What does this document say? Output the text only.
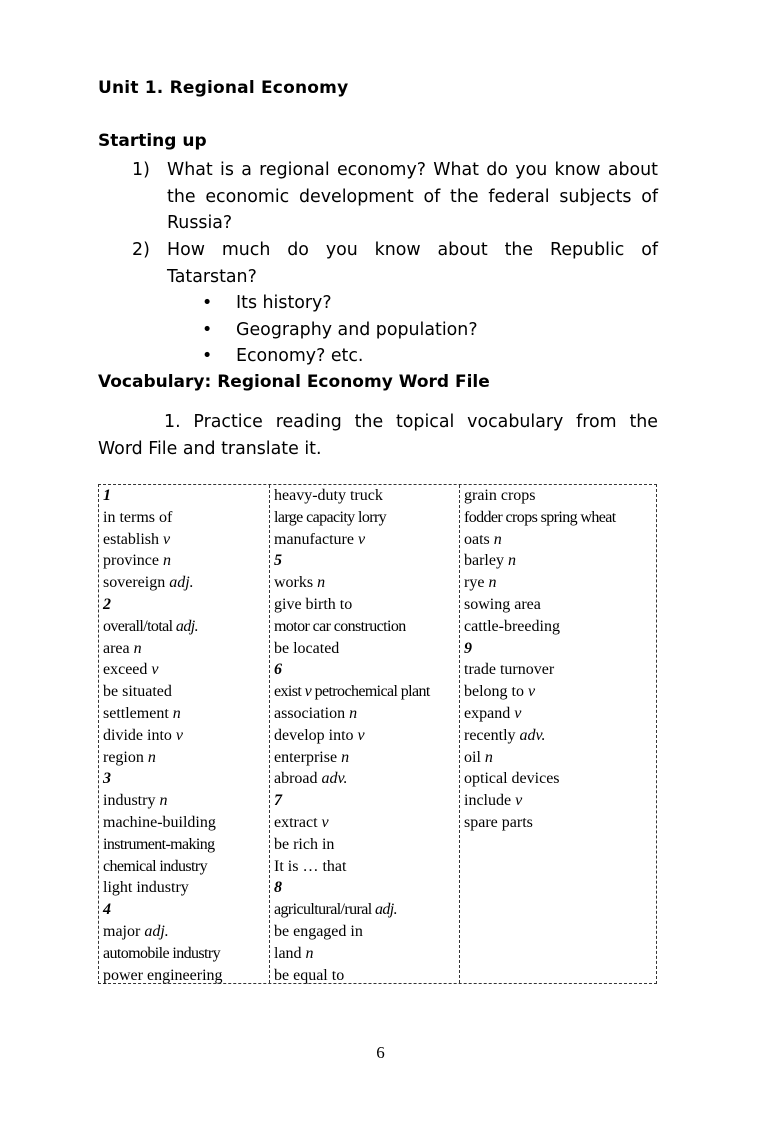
Unit 1. Regional Economy
Starting up
1) What is a regional economy? What do you know about the economic development of the federal subjects of Russia?
2) How much do you know about the Republic of
Tatarstan?
• Its history?
• Geography and population?
• Economy? etc.
Vocabulary: Regional Economy Word File
1. Practice reading the topical vocabulary from the
Word File and translate it.
1
in terms of
establish v
province n
sovereign adj.
2
overall/total adj.
area n
exceed v
be situated
settlement n
divide into v
region n
3
industry n
machine-building
instrument-making
chemical industry
light industry
4
major adj.
automobile industry
power engineering
heavy-duty truck
large capacity lorry
manufacture v
5
works n
give birth to
motor car construction
be located
6
exist v petrochemical plant
association n
develop into v
enterprise n
abroad adv.
7
extract v
be rich in
It is … that
8
agricultural/rural adj.
be engaged in
land n
be equal to
grain crops
fodder crops spring wheat
oats n
barley n
rye n
sowing area
cattle-breeding
9
trade turnover
belong to v
expand v
recently adv.
oil n
optical devices
include v
spare parts
6
